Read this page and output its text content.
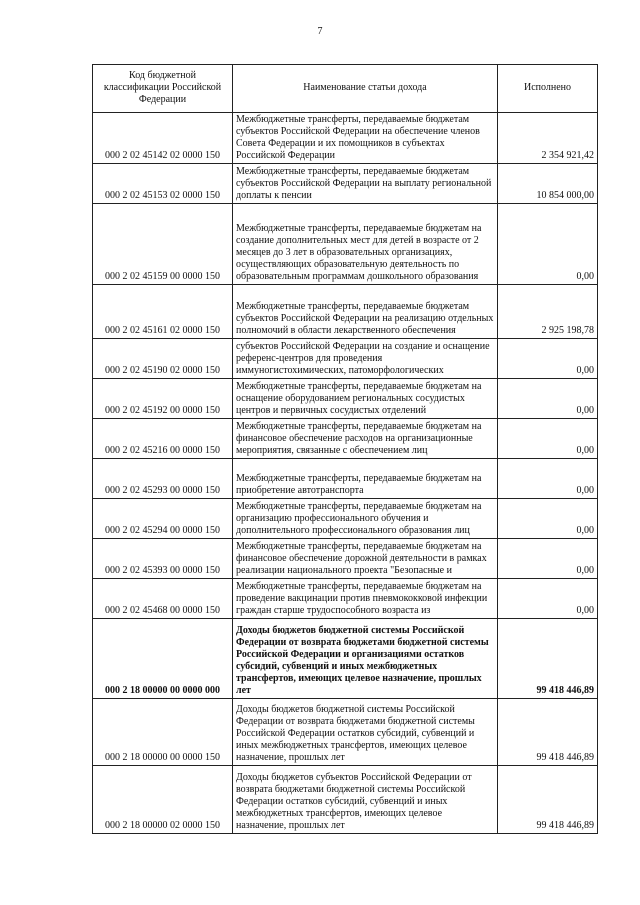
7
Код бюджетной классификации Российской Федерации	Наименование статьи дохода	Исполнено
000 2 02 45142 02 0000 150	Межбюджетные трансферты, передаваемые бюджетам субъектов Российской Федерации на обеспечение членов Совета Федерации и их помощников в субъектах Российской Федерации	2 354 921,42
000 2 02 45153 02 0000 150	Межбюджетные трансферты, передаваемые бюджетам субъектов Российской Федерации на выплату региональной доплаты к пенсии	10 854 000,00
000 2 02 45159 00 0000 150	Межбюджетные трансферты, передаваемые бюджетам на создание дополнительных мест для детей в возрасте от 2 месяцев до 3 лет в образовательных организациях, осуществляющих образовательную деятельность по образовательным программам дошкольного образования	0,00
000 2 02 45161 02 0000 150	Межбюджетные трансферты, передаваемые бюджетам субъектов Российской Федерации на реализацию отдельных полномочий в области лекарственного обеспечения	2 925 198,78
000 2 02 45190 02 0000 150	субъектов Российской Федерации на создание и оснащение референс-центров для проведения иммуногистохимических, патоморфологических	0,00
000 2 02 45192 00 0000 150	Межбюджетные трансферты, передаваемые бюджетам на оснащение оборудованием региональных сосудистых центров и первичных сосудистых отделений	0,00
000 2 02 45216 00 0000 150	Межбюджетные трансферты, передаваемые бюджетам на финансовое обеспечение расходов на организационные мероприятия, связанные с обеспечением лиц	0,00
000 2 02 45293 00 0000 150	Межбюджетные трансферты, передаваемые бюджетам на приобретение автотранспорта	0,00
000 2 02 45294 00 0000 150	Межбюджетные трансферты, передаваемые бюджетам на организацию профессионального обучения и дополнительного профессионального образования лиц	0,00
000 2 02 45393 00 0000 150	Межбюджетные трансферты, передаваемые бюджетам на финансовое обеспечение дорожной деятельности в рамках реализации национального проекта "Безопасные и	0,00
000 2 02 45468 00 0000 150	Межбюджетные трансферты, передаваемые бюджетам на проведение вакцинации против пневмококковой инфекции граждан старше трудоспособного возраста из	0,00
000 2 18 00000 00 0000 000	Доходы бюджетов бюджетной системы Российской Федерации от возврата бюджетами бюджетной системы Российской Федерации и организациями остатков субсидий, субвенций и иных межбюджетных трансфертов, имеющих целевое назначение, прошлых лет	99 418 446,89
000 2 18 00000 00 0000 150	Доходы бюджетов бюджетной системы Российской Федерации от возврата бюджетами бюджетной системы Российской Федерации остатков субсидий, субвенций и иных межбюджетных трансфертов, имеющих целевое назначение, прошлых лет	99 418 446,89
000 2 18 00000 02 0000 150	Доходы бюджетов субъектов Российской Федерации от возврата бюджетами бюджетной системы Российской Федерации остатков субсидий, субвенций и иных межбюджетных трансфертов, имеющих целевое назначение, прошлых лет	99 418 446,89
